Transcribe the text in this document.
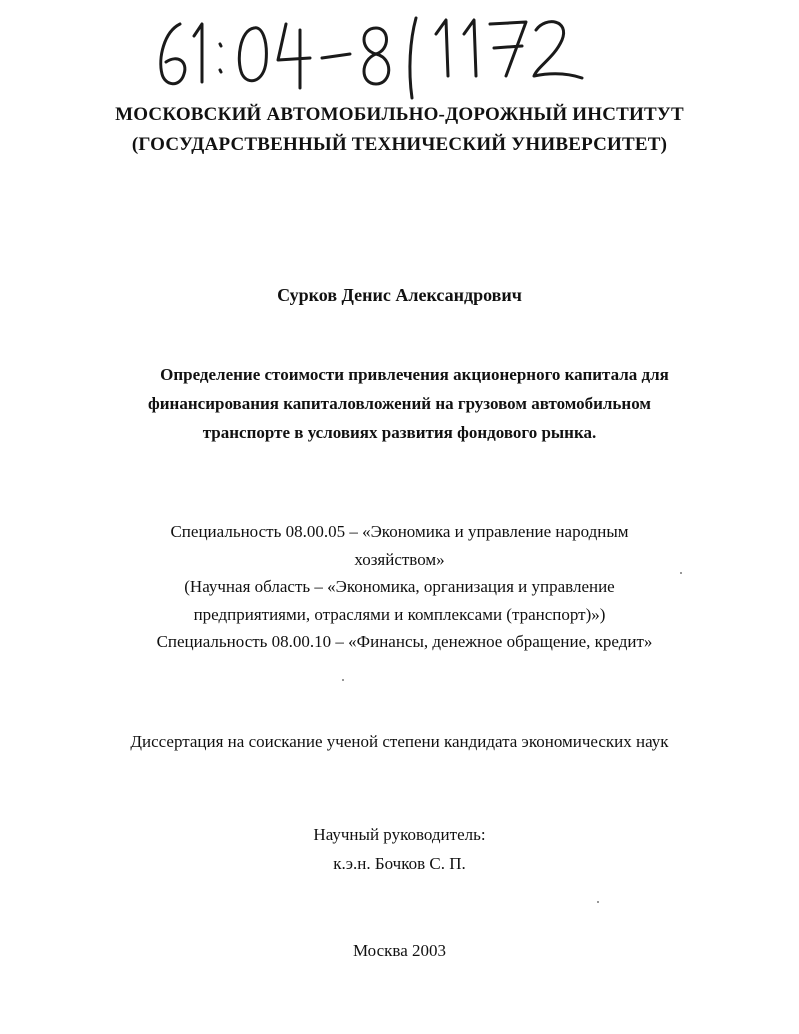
МОСКОВСКИЙ АВТОМОБИЛЬНО-ДОРОЖНЫЙ ИНСТИТУТ
(ГОСУДАРСТВЕННЫЙ ТЕХНИЧЕСКИЙ УНИВЕРСИТЕТ)
Сурков Денис Александрович
Определение стоимости привлечения акционерного капитала для
финансирования капиталовложений на грузовом автомобильном
транспорте в условиях развития фондового рынка.
Специальность 08.00.05 – «Экономика и управление народным
хозяйством»
(Научная область – «Экономика, организация и управление
предприятиями, отраслями и комплексами (транспорт)»)
Специальность 08.00.10 – «Финансы, денежное обращение, кредит»
Диссертация на соискание ученой степени кандидата экономических наук
Научный руководитель:
к.э.н. Бочков С. П.
Москва 2003
